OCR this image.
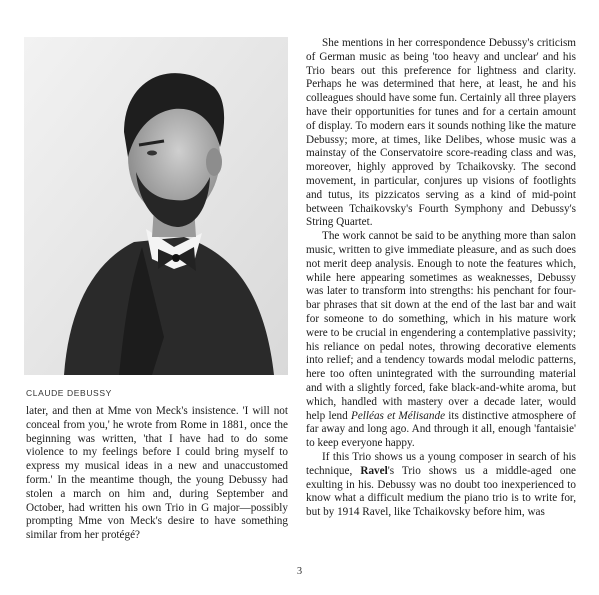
CLAUDE DEBUSSY

later, and then at Mme von Meck's insistence. 'I will not conceal from you,' he wrote from Rome in 1881, once the beginning was written, 'that I have had to do some violence to my feelings before I could bring myself to express my musical ideas in a new and unaccustomed form.' In the meantime though, the young Debussy had stolen a march on him and, during September and October, had written his own Trio in G major—possibly prompting Mme von Meck's desire to have something similar from her protégé?

She mentions in her correspondence Debussy's criticism of German music as being 'too heavy and unclear' and his Trio bears out this preference for lightness and clarity. Perhaps he was determined that here, at least, he and his colleagues should have some fun. Certainly all three players have their opportunities for tunes and for a certain amount of display. To modern ears it sounds nothing like the mature Debussy; more, at times, like Delibes, whose music was a mainstay of the Conservatoire score-reading class and was, moreover, highly approved by Tchaikovsky. The second movement, in particular, conjures up visions of footlights and tutus, its pizzicatos serving as a kind of mid-point between Tchaikovsky's Fourth Symphony and Debussy's String Quartet.

The work cannot be said to be anything more than salon music, written to give immediate pleasure, and as such does not merit deep analysis. Enough to note the features which, while here appearing sometimes as weaknesses, Debussy was later to transform into strengths: his penchant for four-bar phrases that sit down at the end of the last bar and wait for someone to do something, which in his mature work were to be crucial in engendering a contemplative passivity; his reliance on pedal notes, throwing decorative elements into relief; and a tendency towards modal melodic patterns, here too often unintegrated with the surrounding material and with a slightly forced, fake black-and-white aroma, but which, handled with mastery over a decade later, would help lend Pelléas et Mélisande its distinctive atmosphere of far away and long ago. And through it all, enough 'fantaisie' to keep everyone happy.

If this Trio shows us a young composer in search of his technique, Ravel's Trio shows us a middle-aged one exulting in his. Debussy was no doubt too inexperienced to know what a difficult medium the piano trio is to write for, but by 1914 Ravel, like Tchaikovsky before him, was

3
